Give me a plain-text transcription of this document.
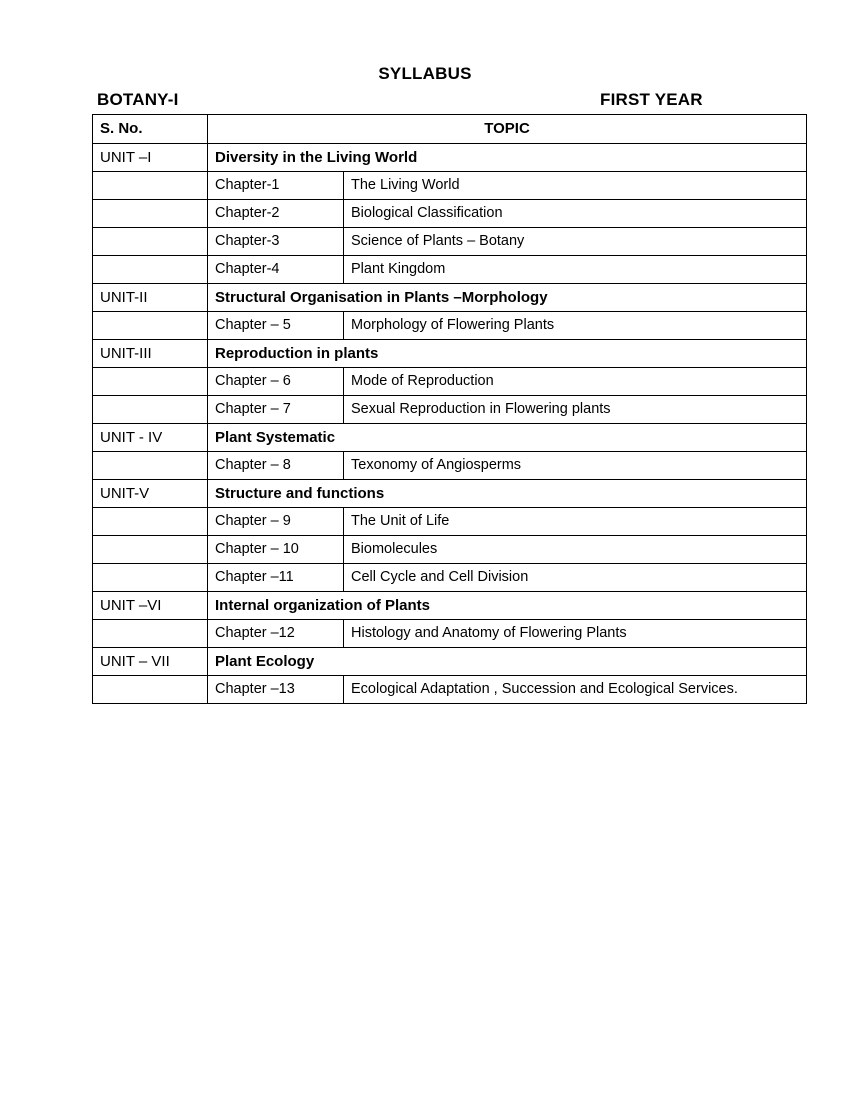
SYLLABUS
BOTANY-I	FIRST YEAR
S. No.	TOPIC	
UNIT –I	Diversity in the Living World	
	Chapter-1	The Living World
	Chapter-2	Biological Classification
	Chapter-3	Science of Plants – Botany
	Chapter-4	Plant Kingdom
UNIT-II	Structural Organisation in Plants –Morphology	
	Chapter – 5	Morphology of Flowering Plants
UNIT-III	Reproduction in plants	
	Chapter – 6	Mode of Reproduction
	Chapter – 7	Sexual Reproduction in Flowering plants
UNIT - IV	Plant Systematic	
	Chapter – 8	Texonomy of Angiosperms
UNIT-V	Structure and functions	
	Chapter – 9	The Unit of Life
	Chapter – 10	Biomolecules
	Chapter –11	Cell Cycle and Cell Division
UNIT –VI	Internal organization of Plants	
	Chapter –12	Histology and Anatomy of Flowering Plants
UNIT – VII	Plant Ecology	
	Chapter –13	Ecological Adaptation , Succession and Ecological Services.
